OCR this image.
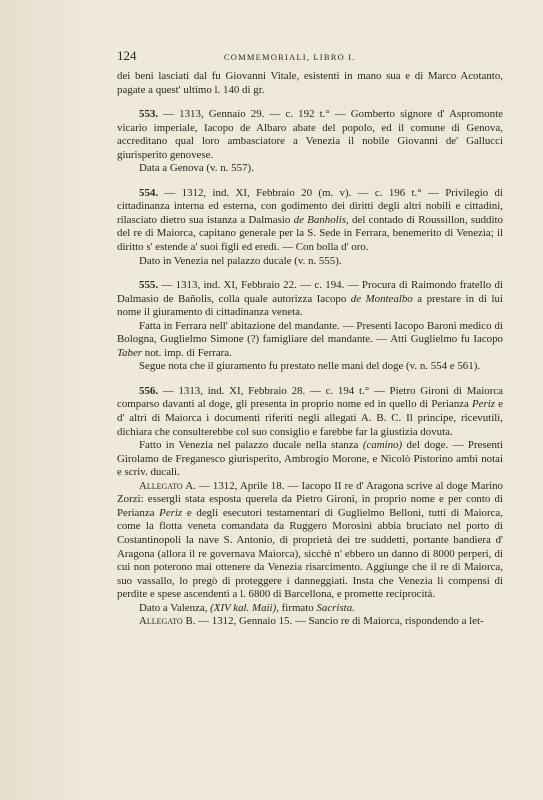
124	COMMEMORIALI, LIBRO I.

dei beni lasciati dal fu Giovanni Vitale, esistenti in mano sua e di Marco Acotanto, pagate a quest' ultimo l. 140 di gr.

553. — 1313, Gennaio 29. — c. 192 t.° — Gomberto signore d' Aspromonte vicario imperiale, Iacopo de Albaro abate del popolo, ed il comune di Genova, accreditano qual loro ambasciatore a Venezia il nobile Giovanni de' Gallucci giurisperito genovese.

Data a Genova (v. n. 557).

554. — 1312, ind. XI, Febbraio 20 (m. v). — c. 196 t.° — Privilegio di cittadinanza interna ed esterna, con godimento dei diritti degli altri nobili e cittadini, rilasciato dietro sua istanza a Dalmasio de Banholis, del contado di Roussillon, suddito del re di Maiorca, capitano generale per la S. Sede in Ferrara, benemerito di Venezia; il diritto s' estende a' suoi figli ed eredi. — Con bolla d' oro.

Dato in Venezia nel palazzo ducale (v. n. 555).

555. — 1313, ind. XI, Febbraio 22. — c. 194. — Procura di Raimondo fratello di Dalmasio de Bañolis, colla quale autorizza Iacopo de Montealbo a prestare in di lui nome il giuramento di cittadinanza veneta.

Fatta in Ferrara nell' abitazione del mandante. — Presenti Iacopo Baroni medico di Bologna, Guglielmo Simone (?) famigliare del mandante. — Atti Guglielmo fu Iacopo Taber not. imp. di Ferrara.

Segue nota che il giuramento fu prestato nelle mani del doge (v. n. 554 e 561).

556. — 1313, ind. XI, Febbraio 28. — c. 194 t.° — Pietro Gironi di Maiorca comparso davanti al doge, gli presenta in proprio nome ed in quello di Perianza Periz e d' altri di Maiorca i documenti riferiti negli allegati A. B. C. Il principe, ricevutili, dichiara che consulterebbe col suo consiglio e farebbe far la giustizia dovuta.

Fatto in Venezia nel palazzo ducale nella stanza (camino) del doge. — Presenti Girolamo de Freganesco giurisperito, Ambrogio Morone, e Nicolò Pistorino ambi notai e scriv. ducali.

Allegato A. — 1312, Aprile 18. — Iacopo II re d' Aragona scrive al doge Marino Zorzi: essergli stata esposta querela da Pietro Gironi, in proprio nome e per conto di Perianza Periz e degli esecutori testamentari di Guglielmo Belloni, tutti di Maiorca, come la flotta veneta comandata da Ruggero Morosini abbia bruciato nel porto di Costantinopoli la nave S. Antonio, di proprietà dei tre suddetti, portante bandiera d' Aragona (allora il re governava Maiorca), sicchè n' ebbero un danno di 8000 perperi, di cui non poterono mai ottenere da Venezia risarcimento. Aggiunge che il re di Maiorca, suo vassallo, lo pregò di proteggere i danneggiati. Insta che Venezia li compensi di perdite e spese ascendenti a l. 6800 di Barcellona, e promette reciprocità.

Dato a Valenza, (XIV kal. Maii), firmato Sacrista.

Allegato B. — 1312, Gennaio 15. — Sancio re di Maiorca, rispondendo a let-
